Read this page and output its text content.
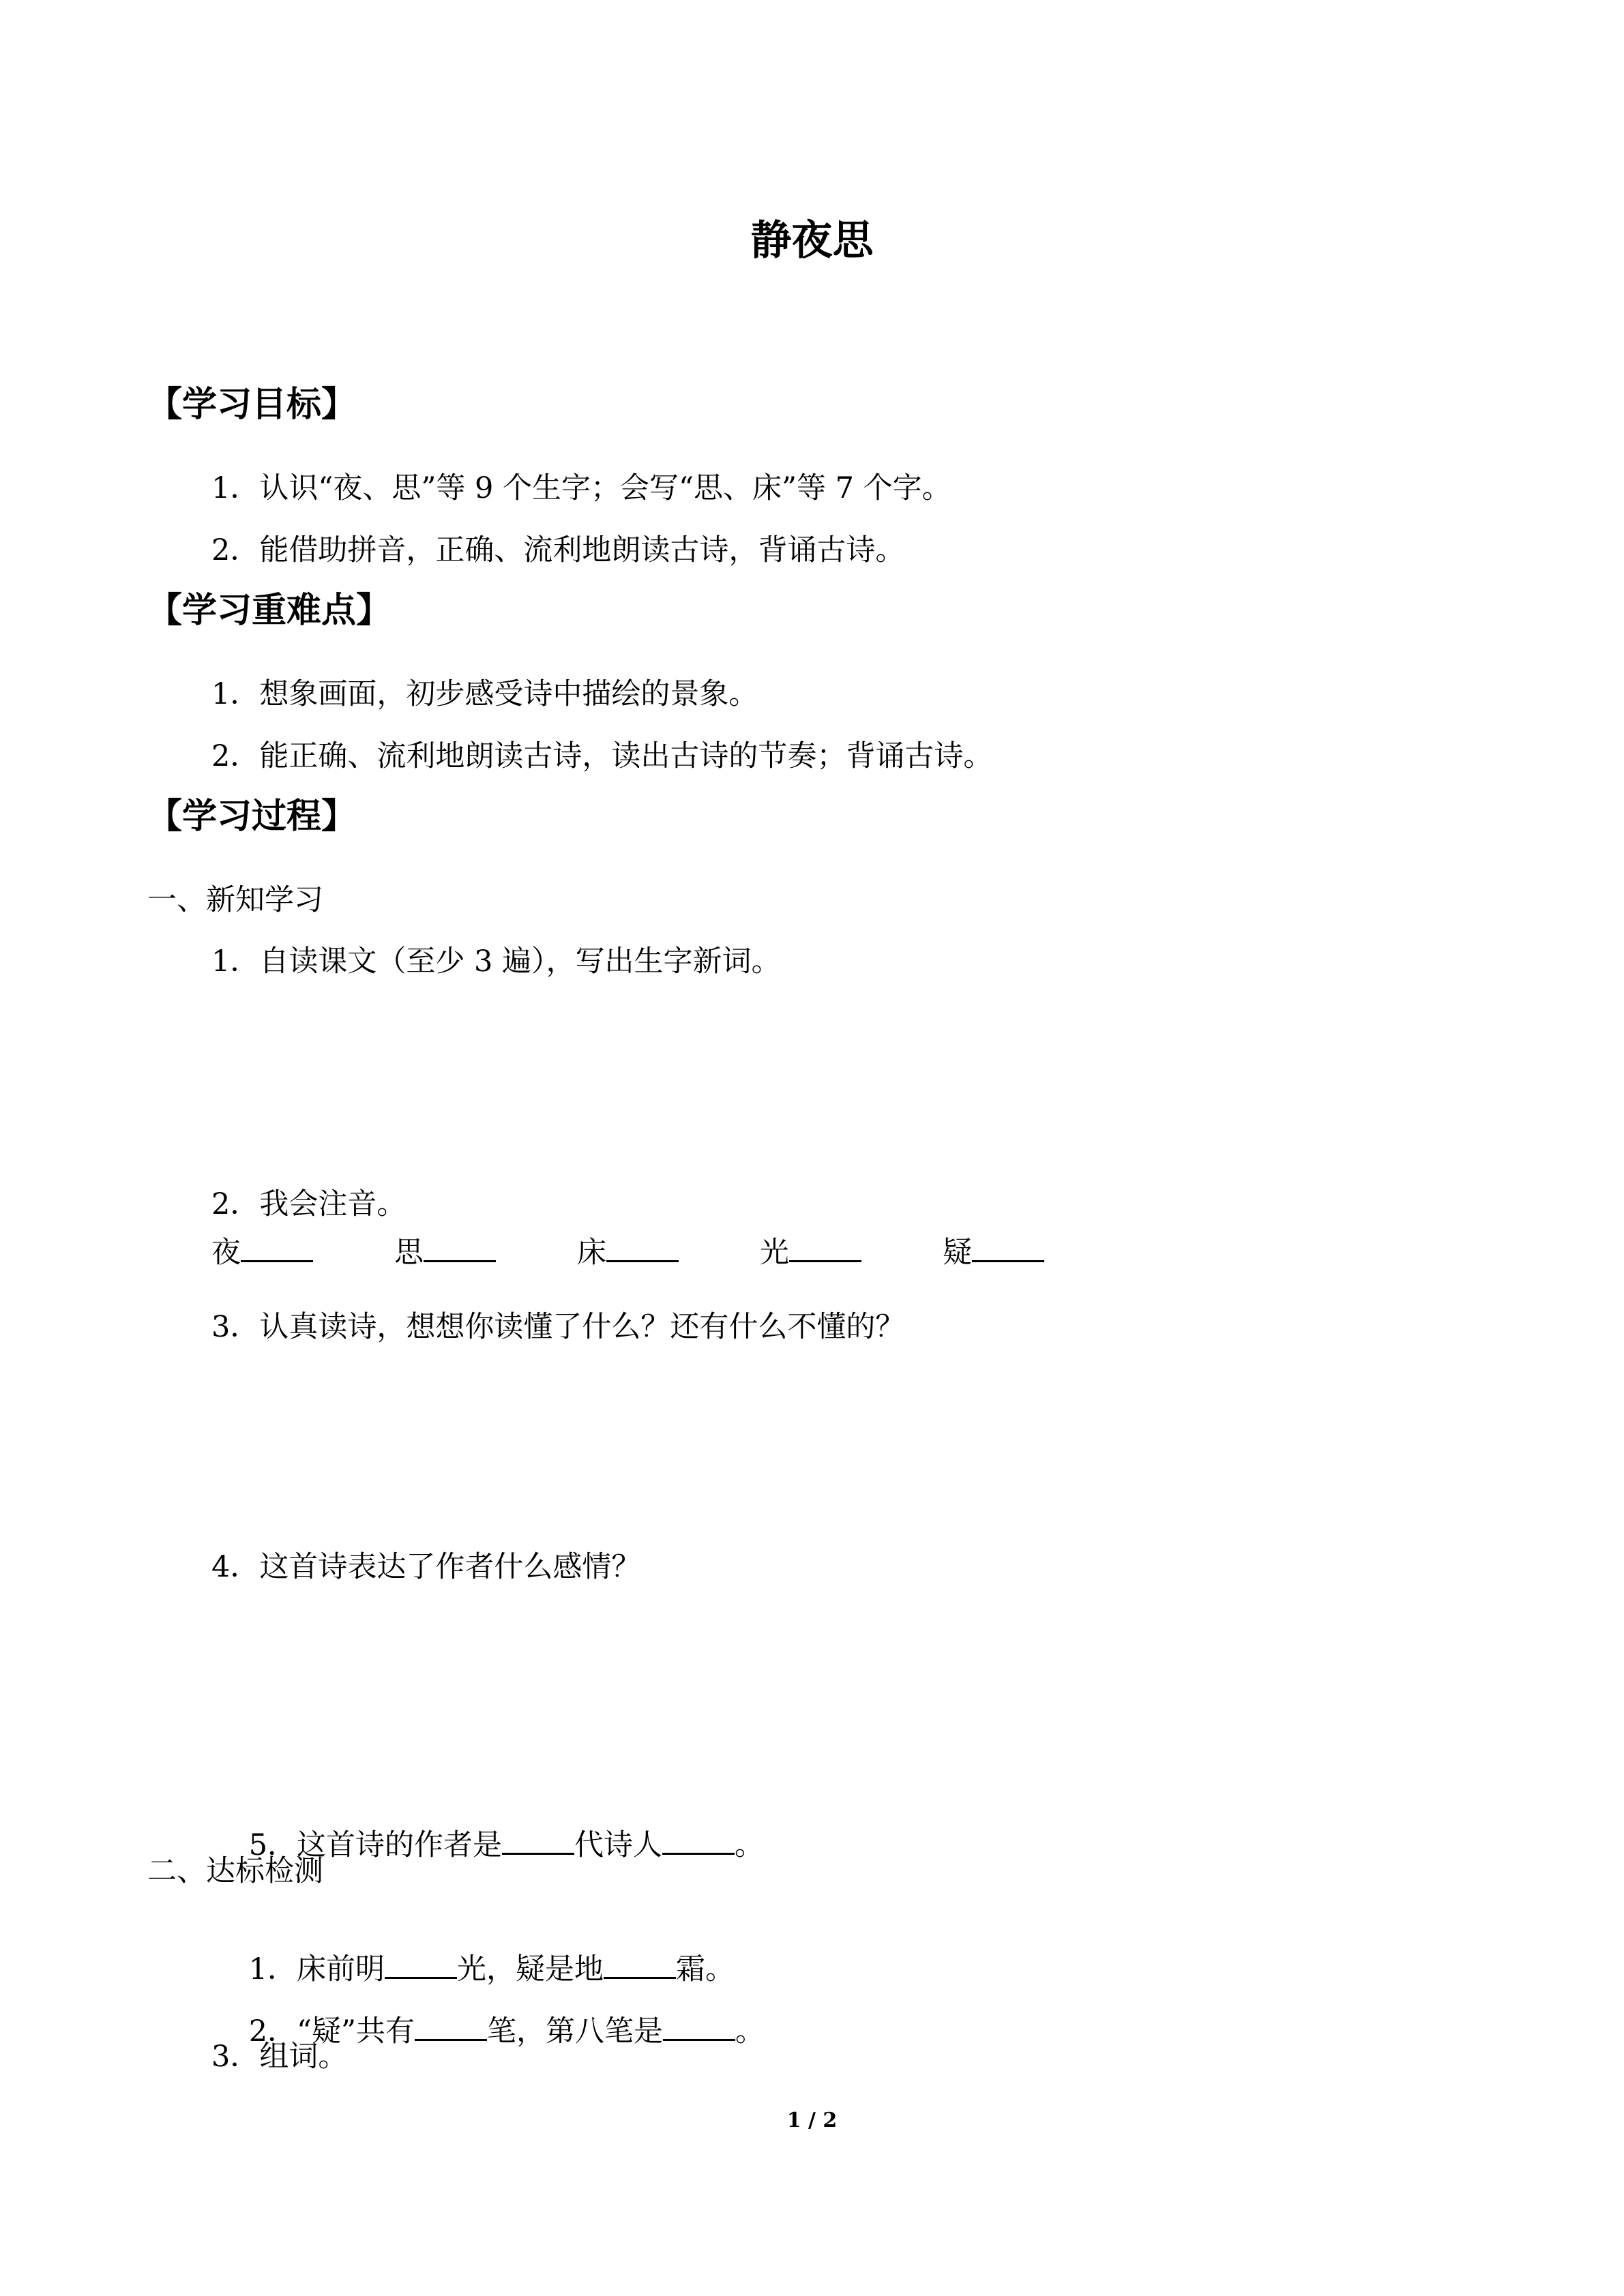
静夜思
【学习目标】
1．认识“夜、思”等 9 个生字；会写“思、床”等 7 个字。
2．能借助拼音，正确、流利地朗读古诗，背诵古诗。
【学习重难点】
1．想象画面，初步感受诗中描绘的景象。
2．能正确、流利地朗读古诗，读出古诗的节奏；背诵古诗。
【学习过程】
一、新知学习
1．自读课文（至少 3 遍），写出生字新词。
2．我会注音。
夜	思	床	光	疑
3．认真读诗，想想你读懂了什么？还有什么不懂的？
4．这首诗表达了作者什么感情？

5．这首诗的作者是 代诗人 。

二、达标检测

1．床前明 光，疑是地 霜。

2．“疑”共有 笔，第八笔是 。

3．组词。
1 / 2
